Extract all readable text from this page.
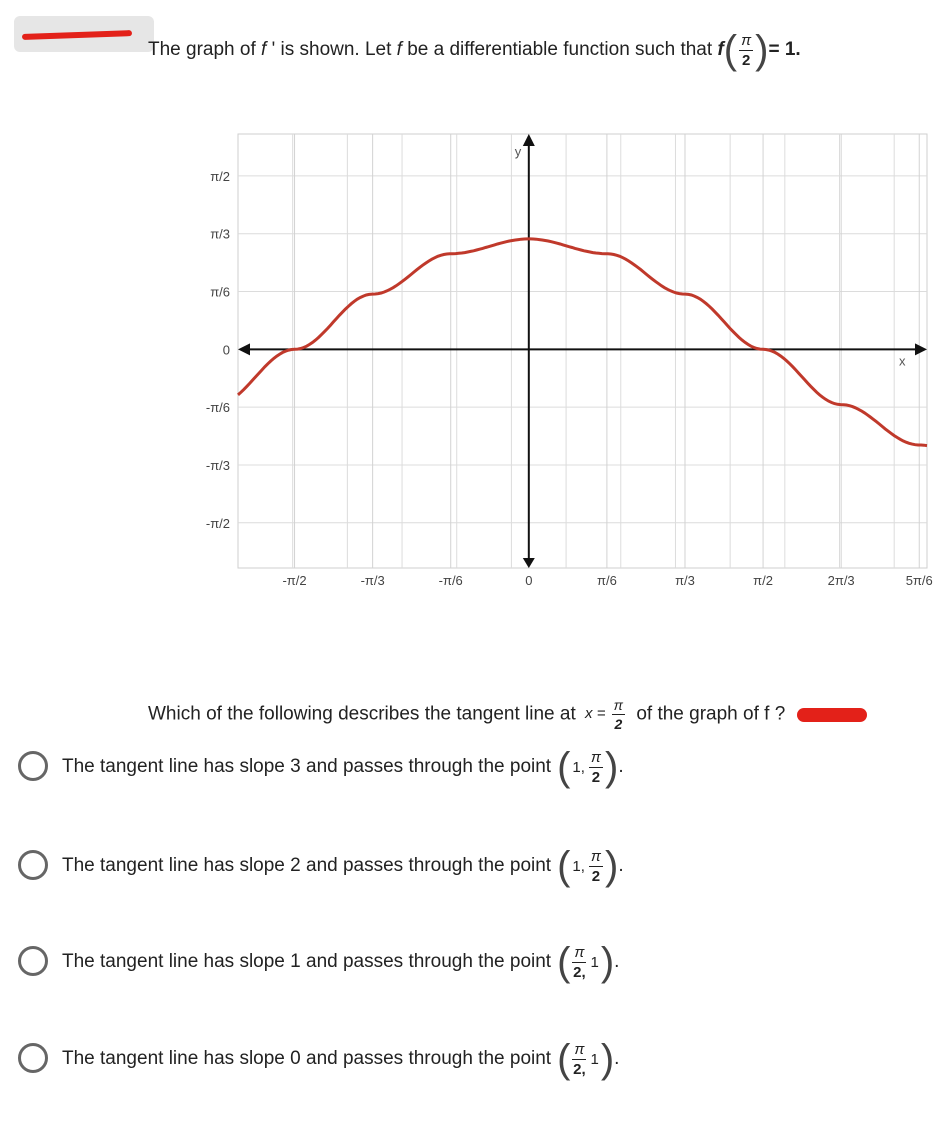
The graph of f ' is shown. Let f be a differentiable function such that $f( \frac{\pi}{2}$ )= 1.
y
x
-π/2	-π/3	-π/6	0	π/6	π/3	π/2	2π/3	5π/6
π/2
π/3
π/6
0
-π/6
-π/3
-π/2
Which of the following describes the tangent line at $x = \frac{\pi}{2}$ of the graph of f ?
The tangent line has slope 3 and passes through the point ( 1, $\frac{\pi}{2}$ ) .
The tangent line has slope 2 and passes through the point ( 1, $\frac{\pi}{2}$ ) .
The tangent line has slope 1 and passes through the point ( $\frac{\pi}{2,} 1$ ) .
The tangent line has slope 0 and passes through the point ( $\frac{\pi}{2,} 1$ ) .
